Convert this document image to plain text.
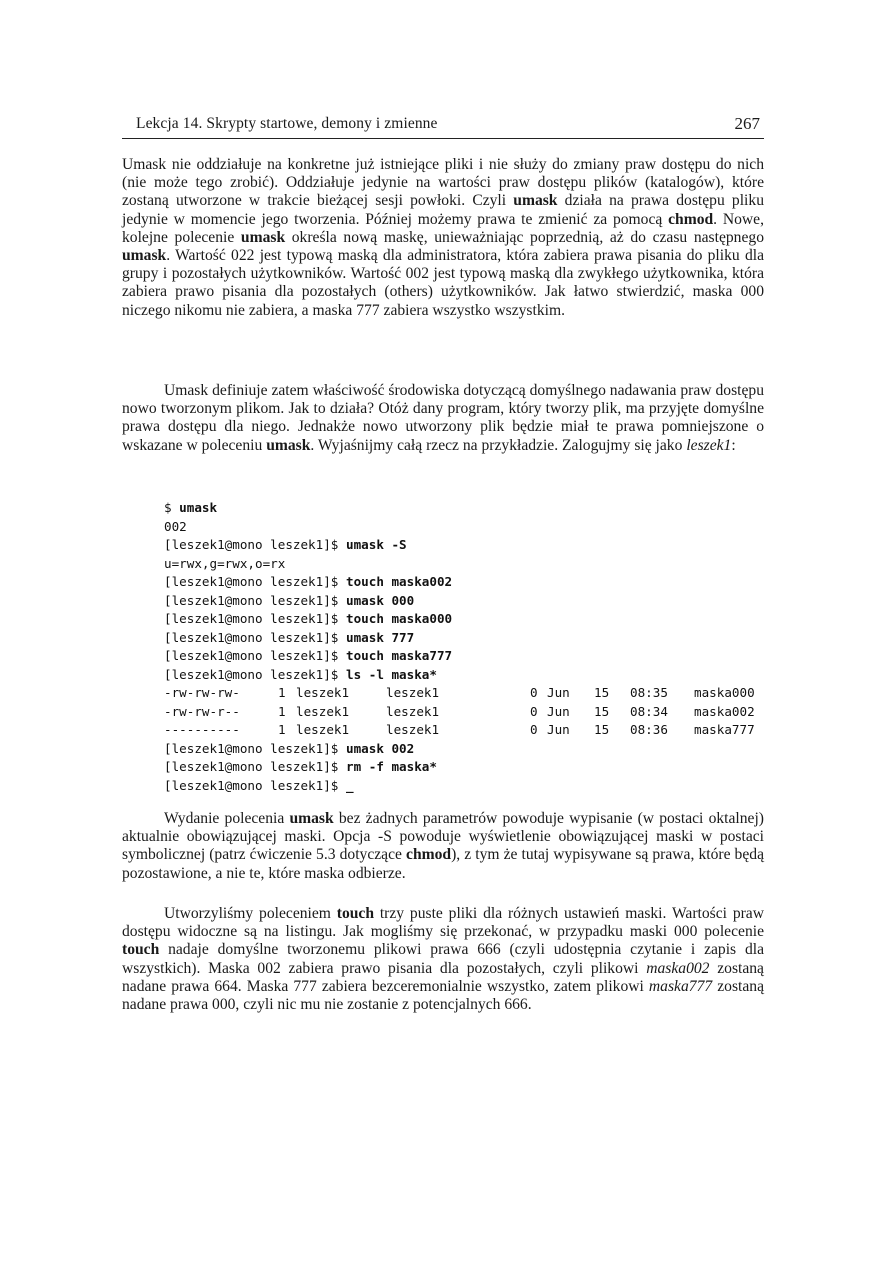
Lekcja 14. Skrypty startowe, demony i zmienne	267

Umask nie oddziałuje na konkretne już istniejące pliki i nie służy do zmiany praw dostępu do nich (nie może tego zrobić). Oddziałuje jedynie na wartości praw dostępu plików (katalogów), które zostaną utworzone w trakcie bieżącej sesji powłoki. Czyli umask działa na prawa dostępu pliku jedynie w momencie jego tworzenia. Później możemy prawa te zmienić za pomocą chmod. Nowe, kolejne polecenie umask określa nową maskę, unieważniając poprzednią, aż do czasu następnego umask. Wartość 022 jest typową maską dla administratora, która zabiera prawa pisania do pliku dla grupy i pozostałych użytkowników. Wartość 002 jest typową maską dla zwykłego użytkownika, która zabiera prawo pisania dla pozostałych (others) użytkowników. Jak łatwo stwierdzić, maska 000 niczego nikomu nie zabiera, a maska 777 zabiera wszystko wszystkim.

Umask definiuje zatem właściwość środowiska dotyczącą domyślnego nadawania praw dostępu nowo tworzonym plikom. Jak to działa? Otóż dany program, który tworzy plik, ma przyjęte domyślne prawa dostępu dla niego. Jednakże nowo utworzony plik będzie miał te prawa pomniejszone o wskazane w poleceniu umask. Wyjaśnijmy całą rzecz na przykładzie. Zalogujmy się jako leszek1:

$ umask
002
[leszek1@mono leszek1]$ umask -S
u=rwx,g=rwx,o=rx
[leszek1@mono leszek1]$ touch maska002
[leszek1@mono leszek1]$ umask 000
[leszek1@mono leszek1]$ touch maska000
[leszek1@mono leszek1]$ umask 777
[leszek1@mono leszek1]$ touch maska777
[leszek1@mono leszek1]$ ls -l maska*
-rw-rw-rw-	1 leszek1	leszek1	0 Jun 15 08:35 maska000
-rw-rw-r--	1 leszek1	leszek1	0 Jun 15 08:34 maska002
----------	1 leszek1	leszek1	0 Jun 15 08:36 maska777
[leszek1@mono leszek1]$ umask 002
[leszek1@mono leszek1]$ rm -f maska*
[leszek1@mono leszek1]$ _

Wydanie polecenia umask bez żadnych parametrów powoduje wypisanie (w postaci oktalnej) aktualnie obowiązującej maski. Opcja -S powoduje wyświetlenie obowiązującej maski w postaci symbolicznej (patrz ćwiczenie 5.3 dotyczące chmod), z tym że tutaj wypisywane są prawa, które będą pozostawione, a nie te, które maska odbierze.

Utworzyliśmy poleceniem touch trzy puste pliki dla różnych ustawień maski. Wartości praw dostępu widoczne są na listingu. Jak mogliśmy się przekonać, w przypadku maski 000 polecenie touch nadaje domyślne tworzonemu plikowi prawa 666 (czyli udostępnia czytanie i zapis dla wszystkich). Maska 002 zabiera prawo pisania dla pozostałych, czyli plikowi maska002 zostaną nadane prawa 664. Maska 777 zabiera bezceremonialnie wszystko, zatem plikowi maska777 zostaną nadane prawa 000, czyli nic mu nie zostanie z potencjalnych 666.
